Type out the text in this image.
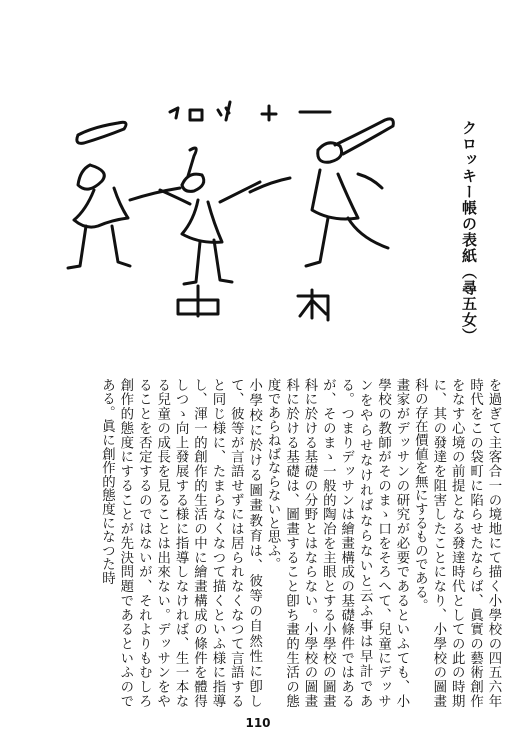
クロッキー帳の表紙（尋五女）

を過ぎて主客合一の境地にて描く小學校の四五六年時代をこの袋町に陷らせたならば、眞實の藝術創作をなす心境の前提となる發達時代としての此の時期に、其の發達を阻害したことになり、小學校の圖畫科の存在價値を無にするものである。

畫家がデッサンの研究が必要であるといふても、小學校の教師がそのまゝ口をそろへて、兒童にデッサンをやらせなければならないと云ふ事は早計である。つまりデッサンは繪畫構成の基礎條件ではあるが、そのまゝ一般的陶冶を主眼とする小學校の圖畫科に於ける基礎の分野とはならない。小學校の圖畫科に於ける基礎は、圖畫すること卽ち畫的生活の態度であらねばならないと思ふ。

小學校に於ける圖畫教育は、彼等の自然性に卽して、彼等が言語せずには居られなくなつて言語すると同じ様に、たまらなくなつて描くといふ様に指導し、渾一的創作的生活の中に繪畫構成の條件を體得しつゝ向上發展する様に指導しなければ、生一本なる兒童の成長を見ることは出來ない。デッサンをやることを否定するのではないが、それよりもむしろ創作的態度にすることが先決問題であるといふのである。眞に創作的態度になつた時

110
